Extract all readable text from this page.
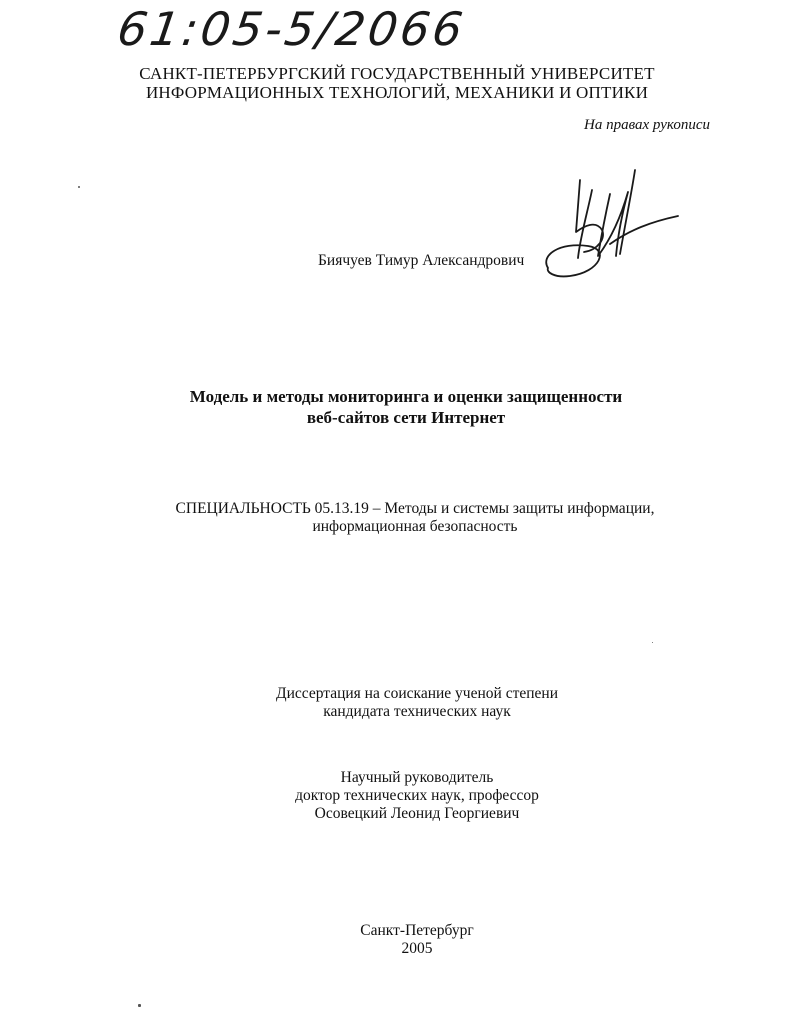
61:05-5/2066
САНКТ-ПЕТЕРБУРГСКИЙ ГОСУДАРСТВЕННЫЙ УНИВЕРСИТЕТ
ИНФОРМАЦИОННЫХ ТЕХНОЛОГИЙ, МЕХАНИКИ И ОПТИКИ
На правах рукописи
Биячуев Тимур Александрович
Модель и методы мониторинга и оценки защищенности
веб-сайтов сети Интернет
СПЕЦИАЛЬНОСТЬ 05.13.19 – Методы и системы защиты информации,
информационная безопасность
Диссертация на соискание ученой степени
кандидата технических наук
Научный руководитель
доктор технических наук, профессор
Осовецкий Леонид Георгиевич
Санкт-Петербург
2005
